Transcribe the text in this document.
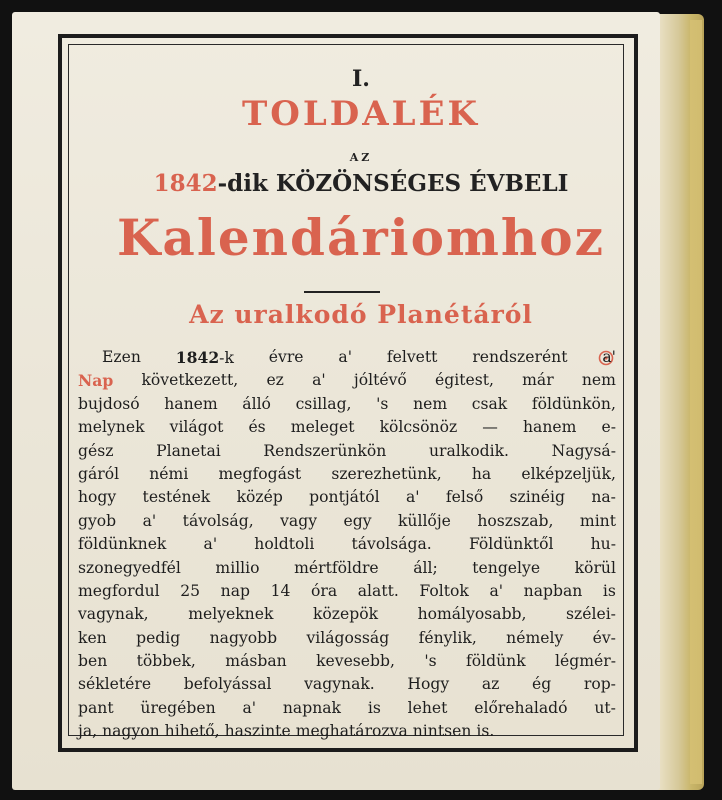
I.
TOLDALÉK
AZ
1842-dik KÖZÖNSÉGES ÉVBELI
Kalendáriomhoz
Az uralkodó Planétáról
Ezen 1842-k évre a' felvett rendszerént a'
Nap következett, ez a' jóltévő égitest, már nem
bujdosó hanem álló csillag, 's nem csak földünkön,
melynek világot és meleget kölcsönöz — hanem e-
gész	Planetai	Rendszerünkön	uralkodik.	Nagysá-
gáról némi megfogást szerezhetünk, ha elképzeljük,
hogy testének közép pontjától a' felső szinéig na-
gyob a' távolság, vagy egy küllője hoszszab, mint
földünknek a' holdtoli távolsága. Földünktől hu-
szonegyedfél millio mértföldre áll; tengelye körül
megfordul 25 nap 14 óra alatt. Foltok a' napban is
vagynak,	melyeknek	közepök	homályosabb,	szélei-
ken pedig nagyobb világosság fénylik, némely év-
ben többek, másban kevesebb, 's földünk légmér-
sékletére befolyással vagynak. Hogy az ég rop-
pant üregében a' napnak is lehet előrehaladó ut-
ja, nagyon hihető, haszinte meghatározva nintsen is.
